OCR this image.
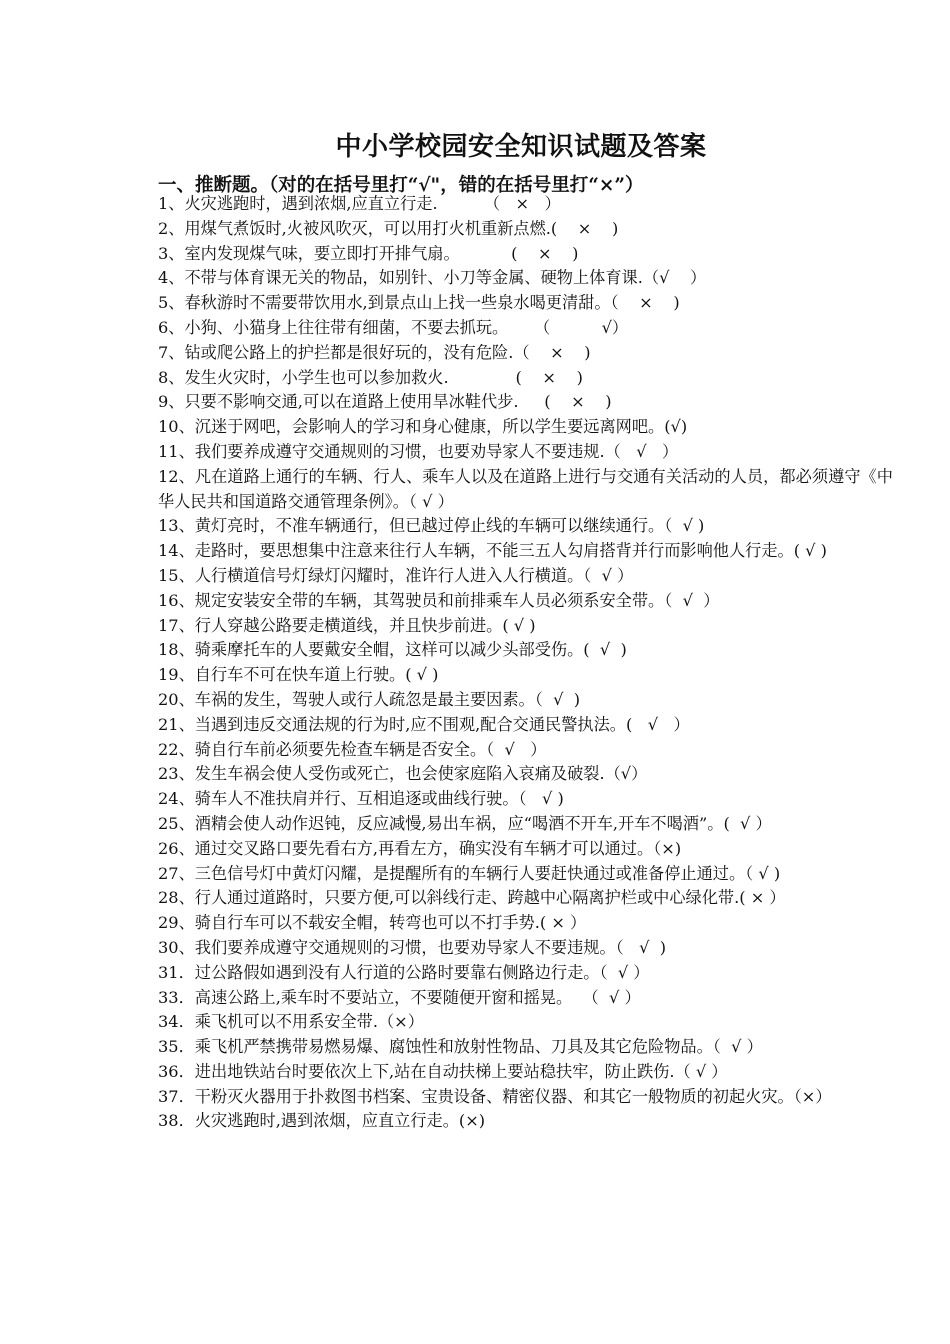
中小学校园安全知识试题及答案
一、推断题。（对的在括号里打“√"，错的在括号里打“×”）
1、火灾逃跑时，遇到浓烟,应直立行走.         （   ×   ）
2、用煤气煮饭时,火被风吹灭，可以用打火机重新点燃.(    ×    )
3、室内发现煤气味，要立即打开排气扇。          (    ×    )
4、不带与体育课无关的物品，如别针、小刀等金属、硬物上体育课.（√    ）
5、春秋游时不需要带饮用水,到景点山上找一些泉水喝更清甜。（    ×    )
6、小狗、小猫身上往往带有细菌，不要去抓玩。     （          √）
7、钻或爬公路上的护拦都是很好玩的，没有危险.（    ×    )
8、发生火灾时，小学生也可以参加救火.             (    ×    )
9、只要不影响交通,可以在道路上使用旱冰鞋代步.     (    ×    )
10、沉迷于网吧，会影响人的学习和身心健康，所以学生要远离网吧。(√)
11、我们要养成遵守交通规则的习惯，也要劝导家人不要违规.（   √   ）
12、凡在道路上通行的车辆、行人、乘车人以及在道路上进行与交通有关活动的人员，都必须遵守《中华人民共和国道路交通管理条例》。（ √ ）
13、黄灯亮时，不准车辆通行，但已越过停止线的车辆可以继续通行。（  √ )
14、走路时，要思想集中注意来往行人车辆，不能三五人勾肩搭背并行而影响他人行走。( √ )
15、人行横道信号灯绿灯闪耀时，准许行人进入人行横道。（  √ ）
16、规定安装安全带的车辆，其驾驶员和前排乘车人员必须系安全带。（  √  ）
17、行人穿越公路要走横道线，并且快步前进。( √ )
18、骑乘摩托车的人要戴安全帽，这样可以减少头部受伤。(  √  )
19、自行车不可在快车道上行驶。( √ )
20、车祸的发生，驾驶人或行人疏忽是最主要因素。（  √  )
21、当遇到违反交通法规的行为时,应不围观,配合交通民警执法。(   √   ）
22、骑自行车前必须要先检查车辆是否安全。（  √   ）
23、发生车祸会使人受伤或死亡，也会使家庭陷入哀痛及破裂.（√）
24、骑车人不准扶肩并行、互相追逐或曲线行驶。（   √ )
25、酒精会使人动作迟钝，反应减慢,易出车祸，应“喝酒不开车,开车不喝酒”。(  √ ）
26、通过交叉路口要先看右方,再看左方，确实没有车辆才可以通过。（×)
27、三色信号灯中黄灯闪耀，是提醒所有的车辆行人要赶快通过或准备停止通过。（ √ )
28、行人通过道路时，只要方便,可以斜线行走、跨越中心隔离护栏或中心绿化带.( × ）
29、骑自行车可以不载安全帽，转弯也可以不打手势.( × ）
30、我们要养成遵守交通规则的习惯，也要劝导家人不要违规。（   √  )
31．过公路假如遇到没有人行道的公路时要靠右侧路边行走。（  √ ）
33．高速公路上,乘车时不要站立，不要随便开窗和摇晃。  （  √ ）
34．乘飞机可以不用系安全带.（×）
35．乘飞机严禁携带易燃易爆、腐蚀性和放射性物品、刀具及其它危险物品。（  √ ）
36．进出地铁站台时要依次上下,站在自动扶梯上要站稳扶牢，防止跌伤.（ √ ）
37．干粉灭火器用于扑救图书档案、宝贵设备、精密仪器、和其它一般物质的初起火灾。（×）
38．火灾逃跑时,遇到浓烟，应直立行走。(×)
